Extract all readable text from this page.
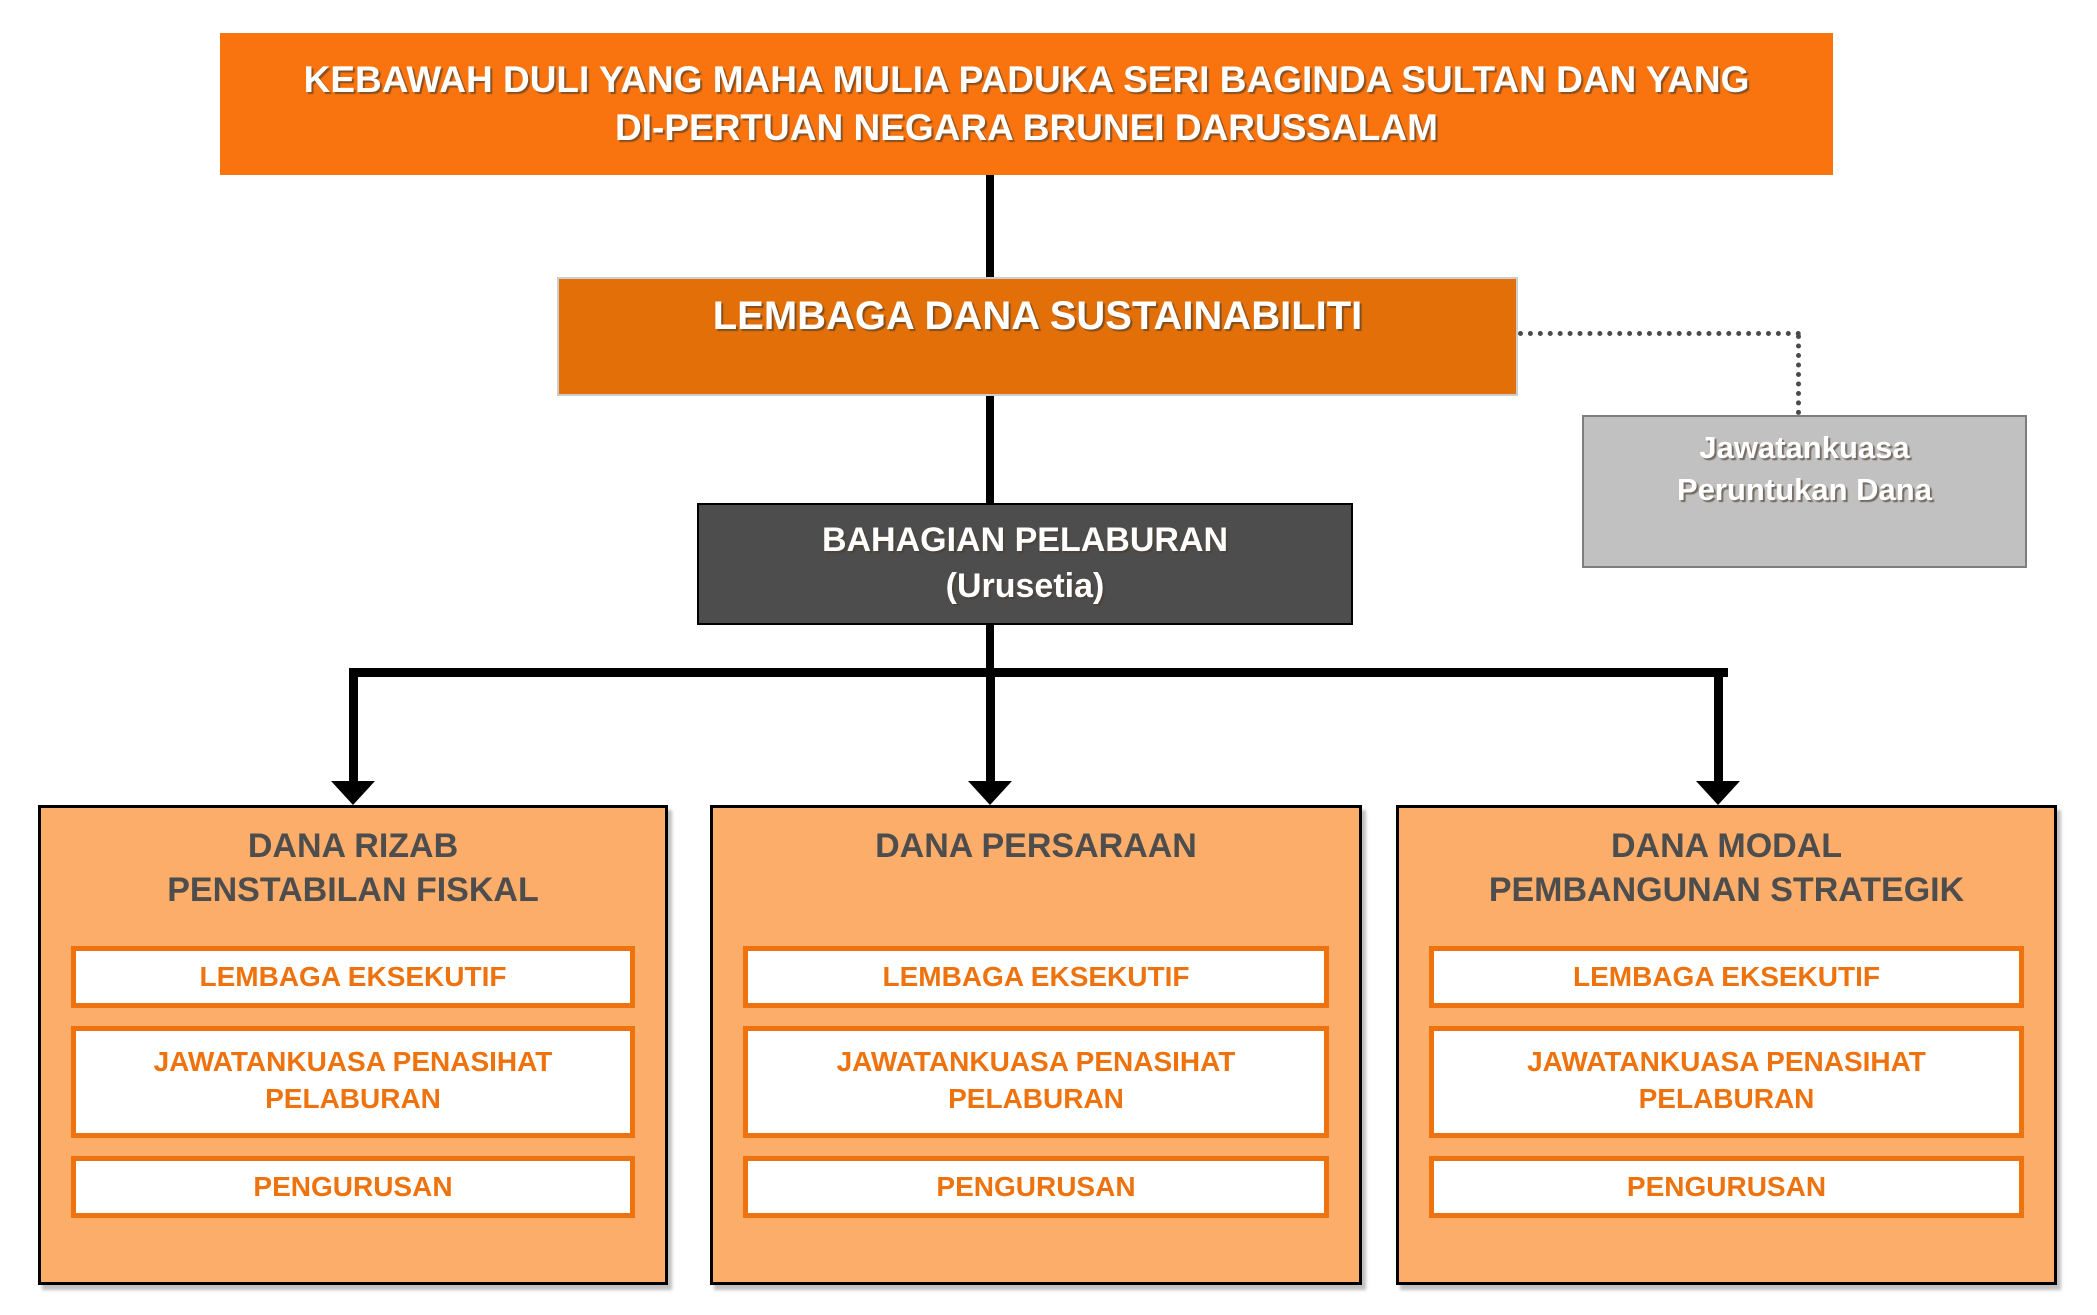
KEBAWAH DULI YANG MAHA MULIA PADUKA SERI BAGINDA SULTAN DAN YANG
DI-PERTUAN NEGARA BRUNEI DARUSSALAM
LEMBAGA DANA SUSTAINABILITI
Jawatankuasa
Peruntukan Dana
BAHAGIAN PELABURAN
(Urusetia)
DANA RIZAB
PENSTABILAN FISKAL
LEMBAGA EKSEKUTIF
JAWATANKUASA PENASIHAT
PELABURAN
PENGURUSAN
DANA PERSARAAN
LEMBAGA EKSEKUTIF
JAWATANKUASA PENASIHAT
PELABURAN
PENGURUSAN
DANA MODAL
PEMBANGUNAN STRATEGIK
LEMBAGA EKSEKUTIF
JAWATANKUASA PENASIHAT
PELABURAN
PENGURUSAN
